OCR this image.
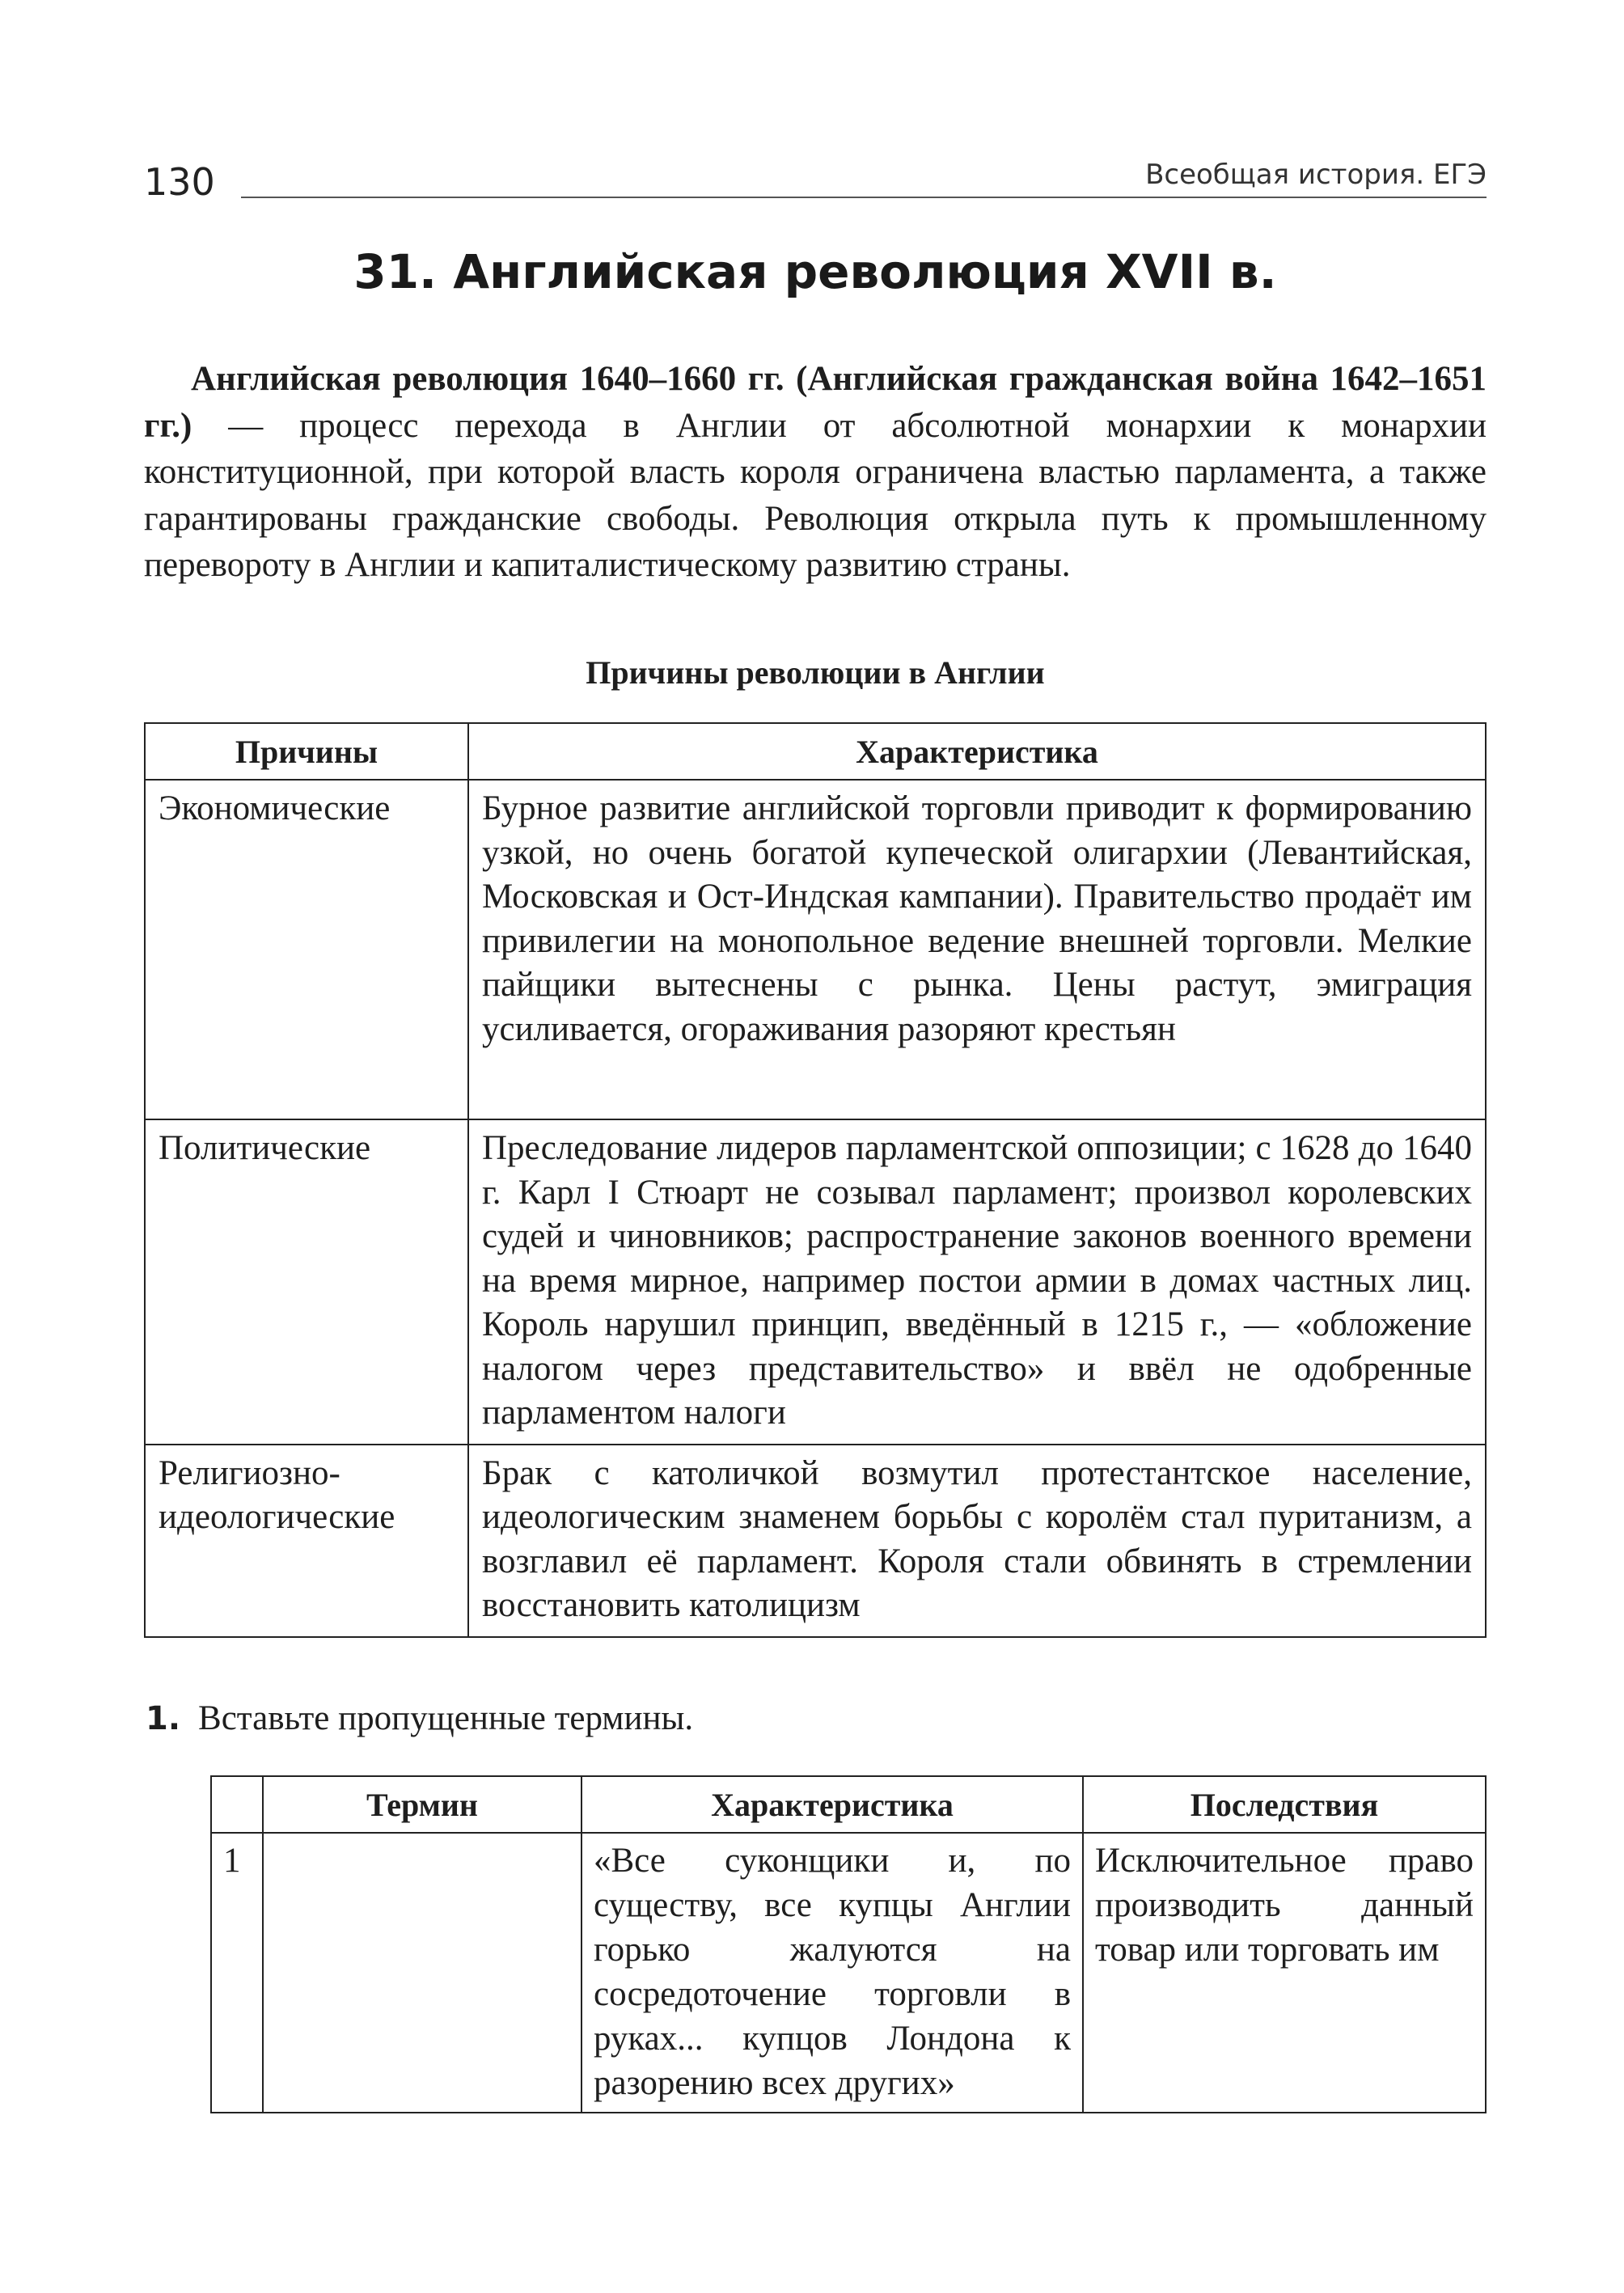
130	Всеобщая история. ЕГЭ
31. Английская революция XVII в.
Английская революция 1640–1660 гг. (Английская гражданская война 1642–1651 гг.) — процесс перехода в Англии от абсолютной монархии к монархии конституционной, при которой власть короля ограничена властью парламента, а также гарантированы гражданские свободы. Революция открыла путь к промышленному перевороту в Англии и капиталистическому развитию страны.
Причины революции в Англии
Причины	Характеристика
Экономические	Бурное развитие английской торговли приводит к формированию узкой, но очень богатой купеческой олигархии (Левантийская, Московская и Ост-Индская кампании). Правительство продаёт им привилегии на монопольное ведение внешней торговли. Мелкие пайщики вытеснены с рынка. Цены растут, эмиграция усиливается, огораживания разоряют крестьян
Политические	Преследование лидеров парламентской оппозиции; с 1628 до 1640 г. Карл I Стюарт не созывал парламент; произвол королевских судей и чиновников; распространение законов военного времени на время мирное, например постои армии в домах частных лиц. Король нарушил принцип, введённый в 1215 г., — «обложение налогом через представительство» и ввёл не одобренные парламентом налоги
Религиозно-
идеологические	Брак с католичкой возмутил протестантское население, идеологическим знаменем борьбы с королём стал пуританизм, а возглавил её парламент. Короля стали обвинять в стремлении восстановить католицизм
1. Вставьте пропущенные термины.
	Термин	Характеристика	Последствия
1		«Все суконщики и, по существу, все купцы Англии горько жалуются на сосредоточение торговли в руках... купцов Лондона к разорению всех других»	Исключительное право производить данный товар или торговать им
